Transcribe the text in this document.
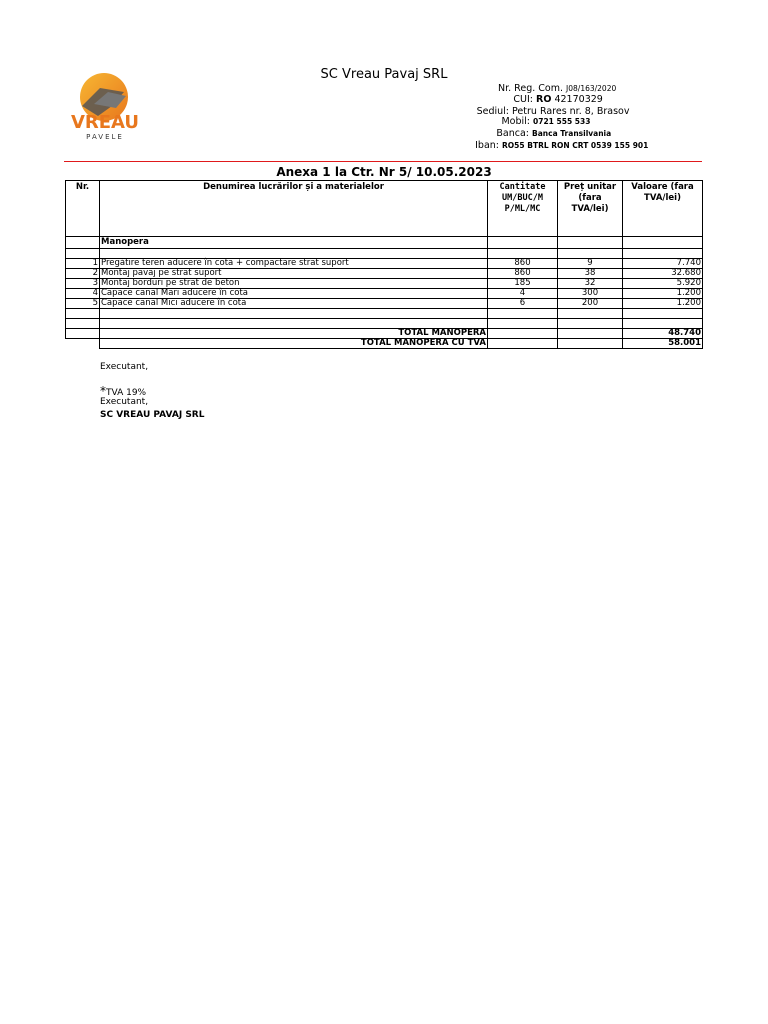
VREAU
PAVELE
SC Vreau Pavaj SRL
Nr. Reg. Com. J08/163/2020
CUI: RO 42170329
Sediul: Petru Rares nr. 8, Brasov
Mobil: 0721 555 533
Banca: Banca Transilvania
Iban: RO55 BTRL RON CRT 0539 155 901
Anexa 1 la Ctr. Nr 5/ 10.05.2023
Nr.	Denumirea lucrărilor și a materialelor	Cantitate UM/BUC/M P/ML/MC	Preț unitar (fara TVA/lei)	Valoare (fara TVA/lei)
	Manopera			

1	Pregătire teren aducere în cota + compactare strat suport	860	9	7.740
2	Montaj pavaj pe strat suport	860	38	32.680
3	Montaj borduri pe strat de beton	185	32	5.920
4	Capace canal Mari aducere în cota	4	300	1.200
5	Capace canal Mici aducere în cota	6	200	1.200

	TOTAL MANOPERA			48.740
	TOTAL MANOPERA CU TVA			58.001
Executant,
*TVA 19%
Executant,
SC VREAU PAVAJ SRL
